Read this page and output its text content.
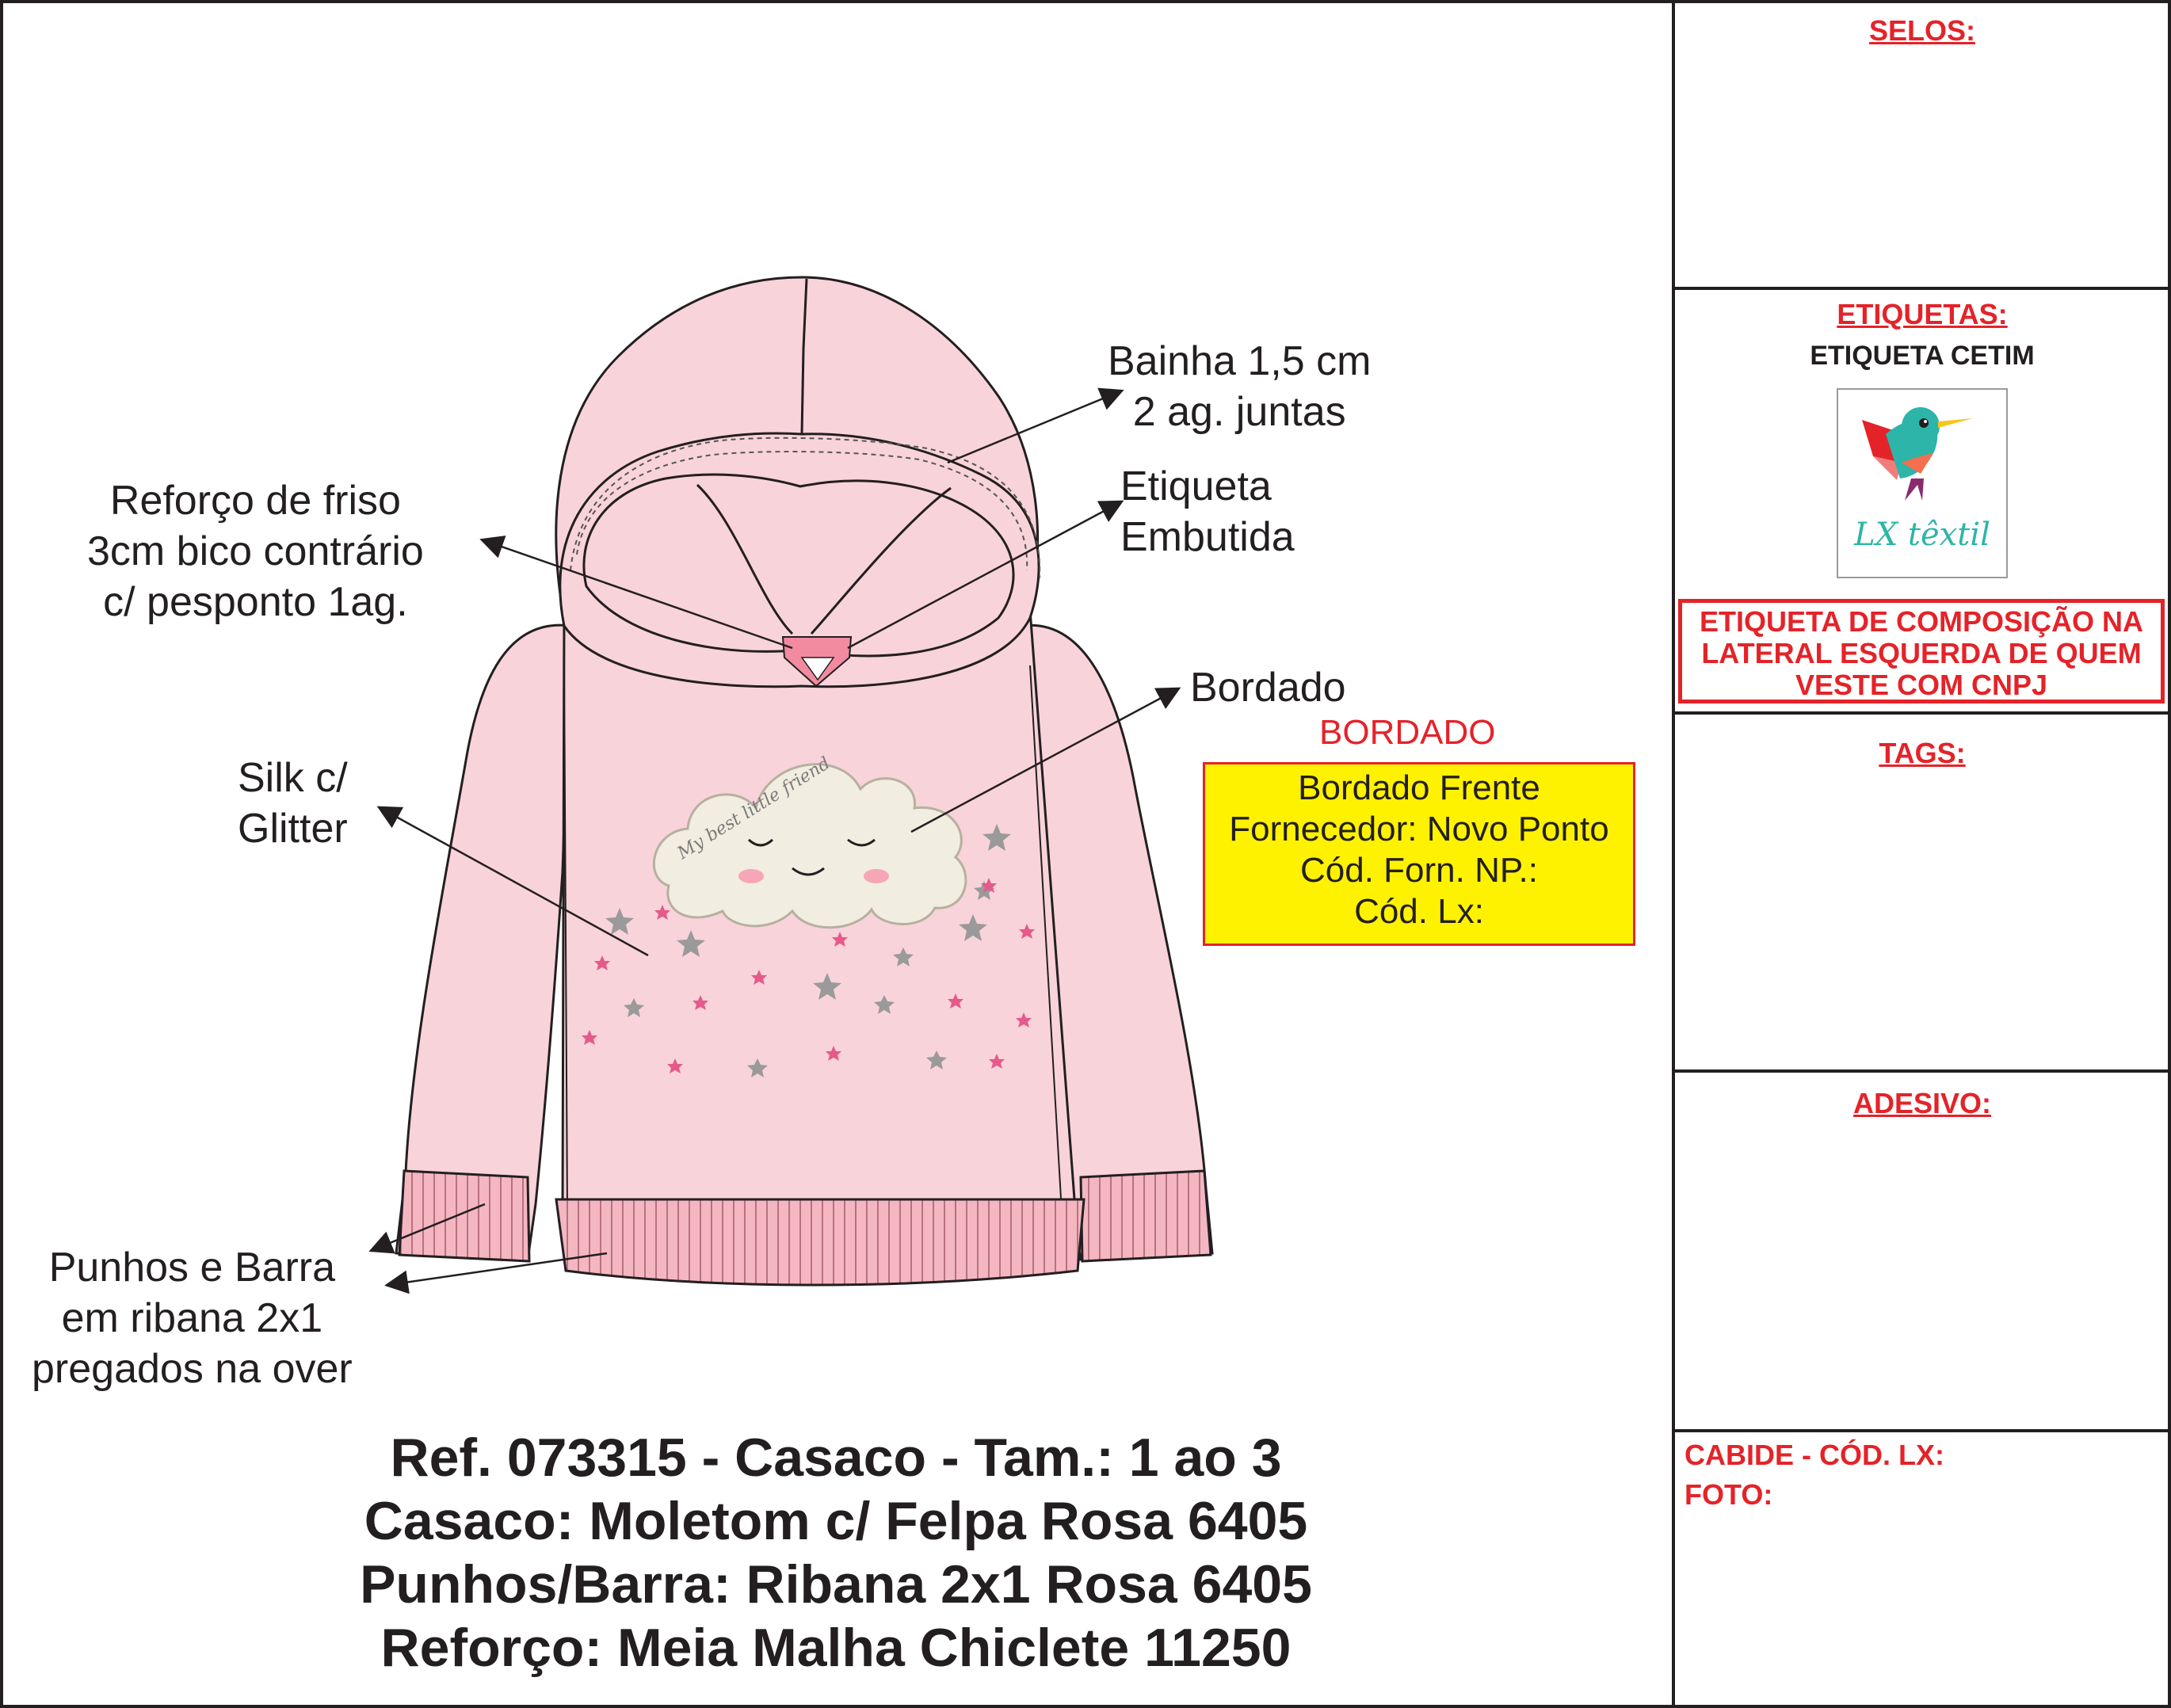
SELOS:
ETIQUETAS:
ETIQUETA CETIM
LX têxtil
ETIQUETA DE COMPOSIÇÃO NA
LATERAL ESQUERDA DE QUEM
VESTE COM CNPJ
TAGS:
ADESIVO:
CABIDE - CÓD. LX:
FOTO:
My best little friend
Bainha 1,5 cm
2 ag. juntas
Reforço de friso
3cm bico contrário
c/ pesponto 1ag.
Etiqueta
Embutida
Bordado
Silk c/
Glitter
Punhos e Barra
em ribana 2x1
pregados na over
BORDADO
Bordado Frente
Fornecedor: Novo Ponto
Cód. Forn. NP.:
Cód. Lx:
Ref. 073315 - Casaco - Tam.: 1 ao 3
Casaco: Moletom c/ Felpa Rosa 6405
Punhos/Barra: Ribana 2x1 Rosa 6405
Reforço: Meia Malha Chiclete 11250
